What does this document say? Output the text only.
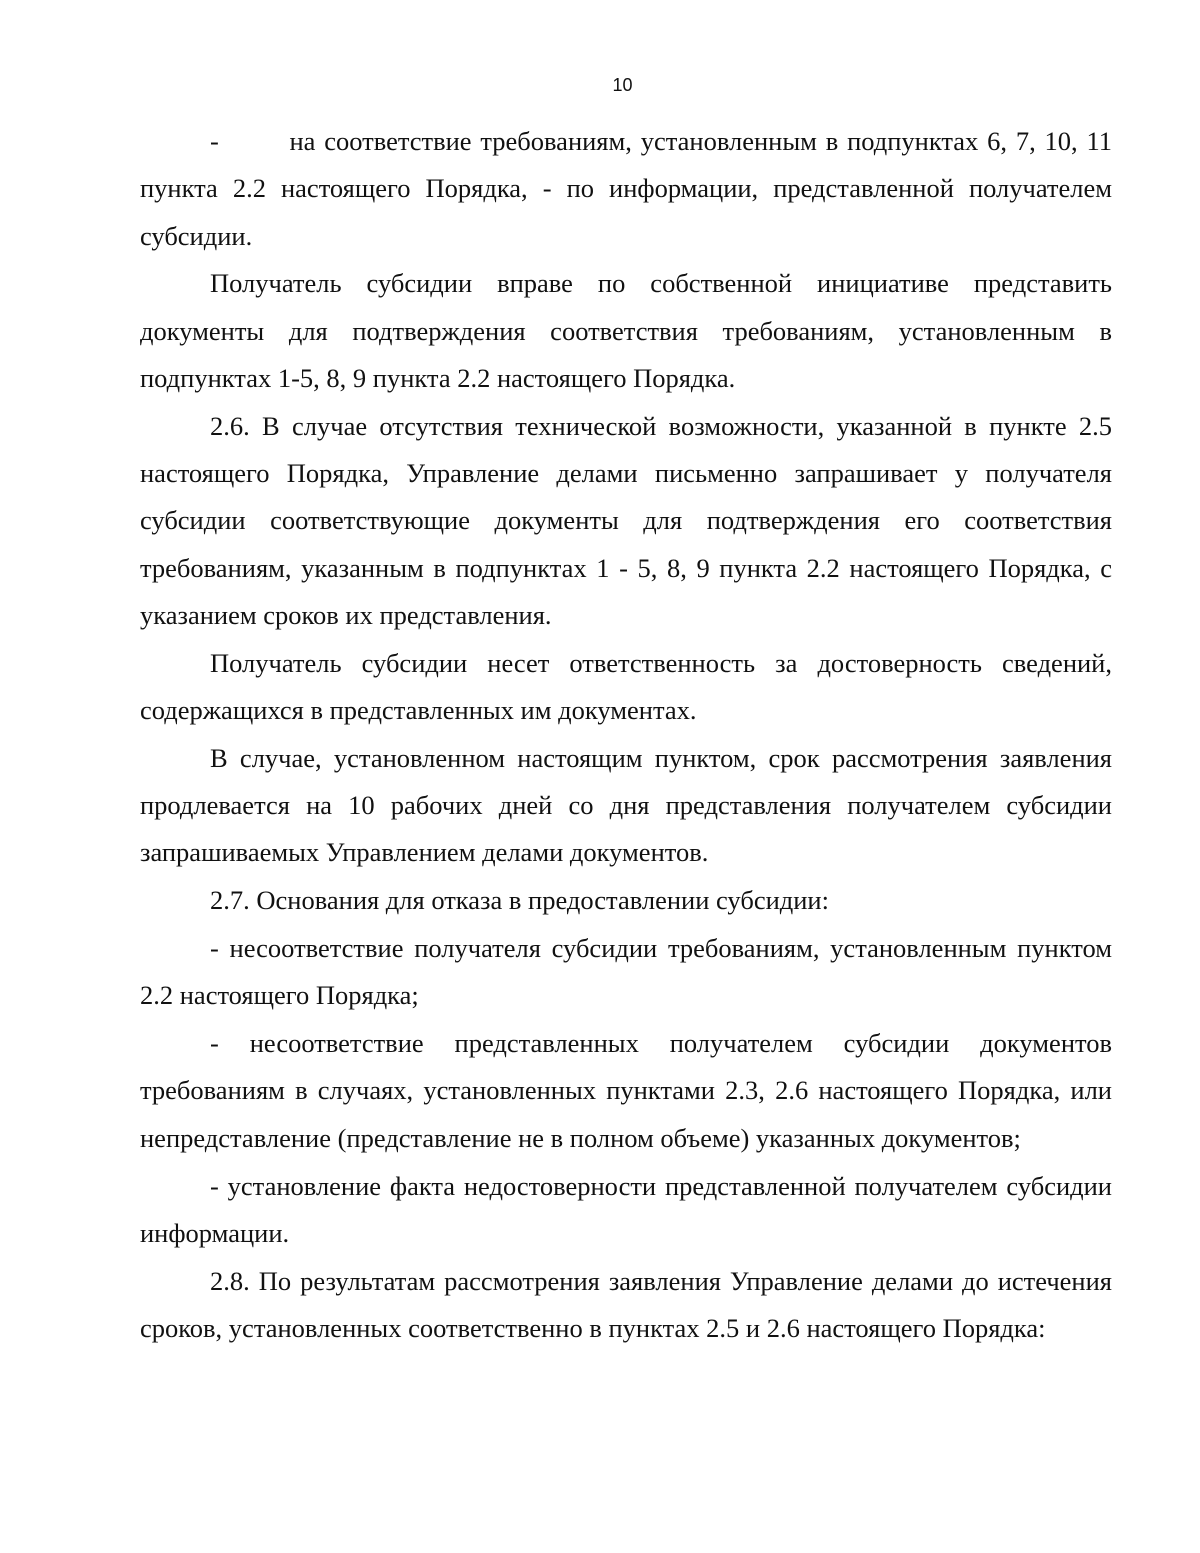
10

-        на соответствие требованиям, установленным в подпунктах 6, 7, 10, 11 пункта 2.2 настоящего Порядка, - по информации, представленной получателем субсидии.

Получатель субсидии вправе по собственной инициативе представить документы для подтверждения соответствия требованиям, установленным в подпунктах 1-5, 8, 9 пункта 2.2 настоящего Порядка.

2.6. В случае отсутствия технической возможности, указанной в пункте 2.5 настоящего Порядка, Управление делами письменно запрашивает у получателя субсидии соответствующие документы для подтверждения его соответствия требованиям, указанным в подпунктах 1 - 5, 8, 9 пункта 2.2 настоящего Порядка, с указанием сроков их представления.

Получатель субсидии несет ответственность за достоверность сведений, содержащихся в представленных им документах.

В случае, установленном настоящим пунктом, срок рассмотрения заявления продлевается на 10 рабочих дней со дня представления получателем субсидии запрашиваемых Управлением делами документов.

2.7. Основания для отказа в предоставлении субсидии:

- несоответствие получателя субсидии требованиям, установленным пунктом 2.2 настоящего Порядка;

- несоответствие представленных получателем субсидии документов требованиям в случаях, установленных пунктами 2.3, 2.6 настоящего Порядка, или непредставление (представление не в полном объеме) указанных документов;

- установление факта недостоверности представленной получателем субсидии информации.

2.8. По результатам рассмотрения заявления Управление делами до истечения сроков, установленных соответственно в пунктах 2.5 и 2.6 настоящего Порядка:
